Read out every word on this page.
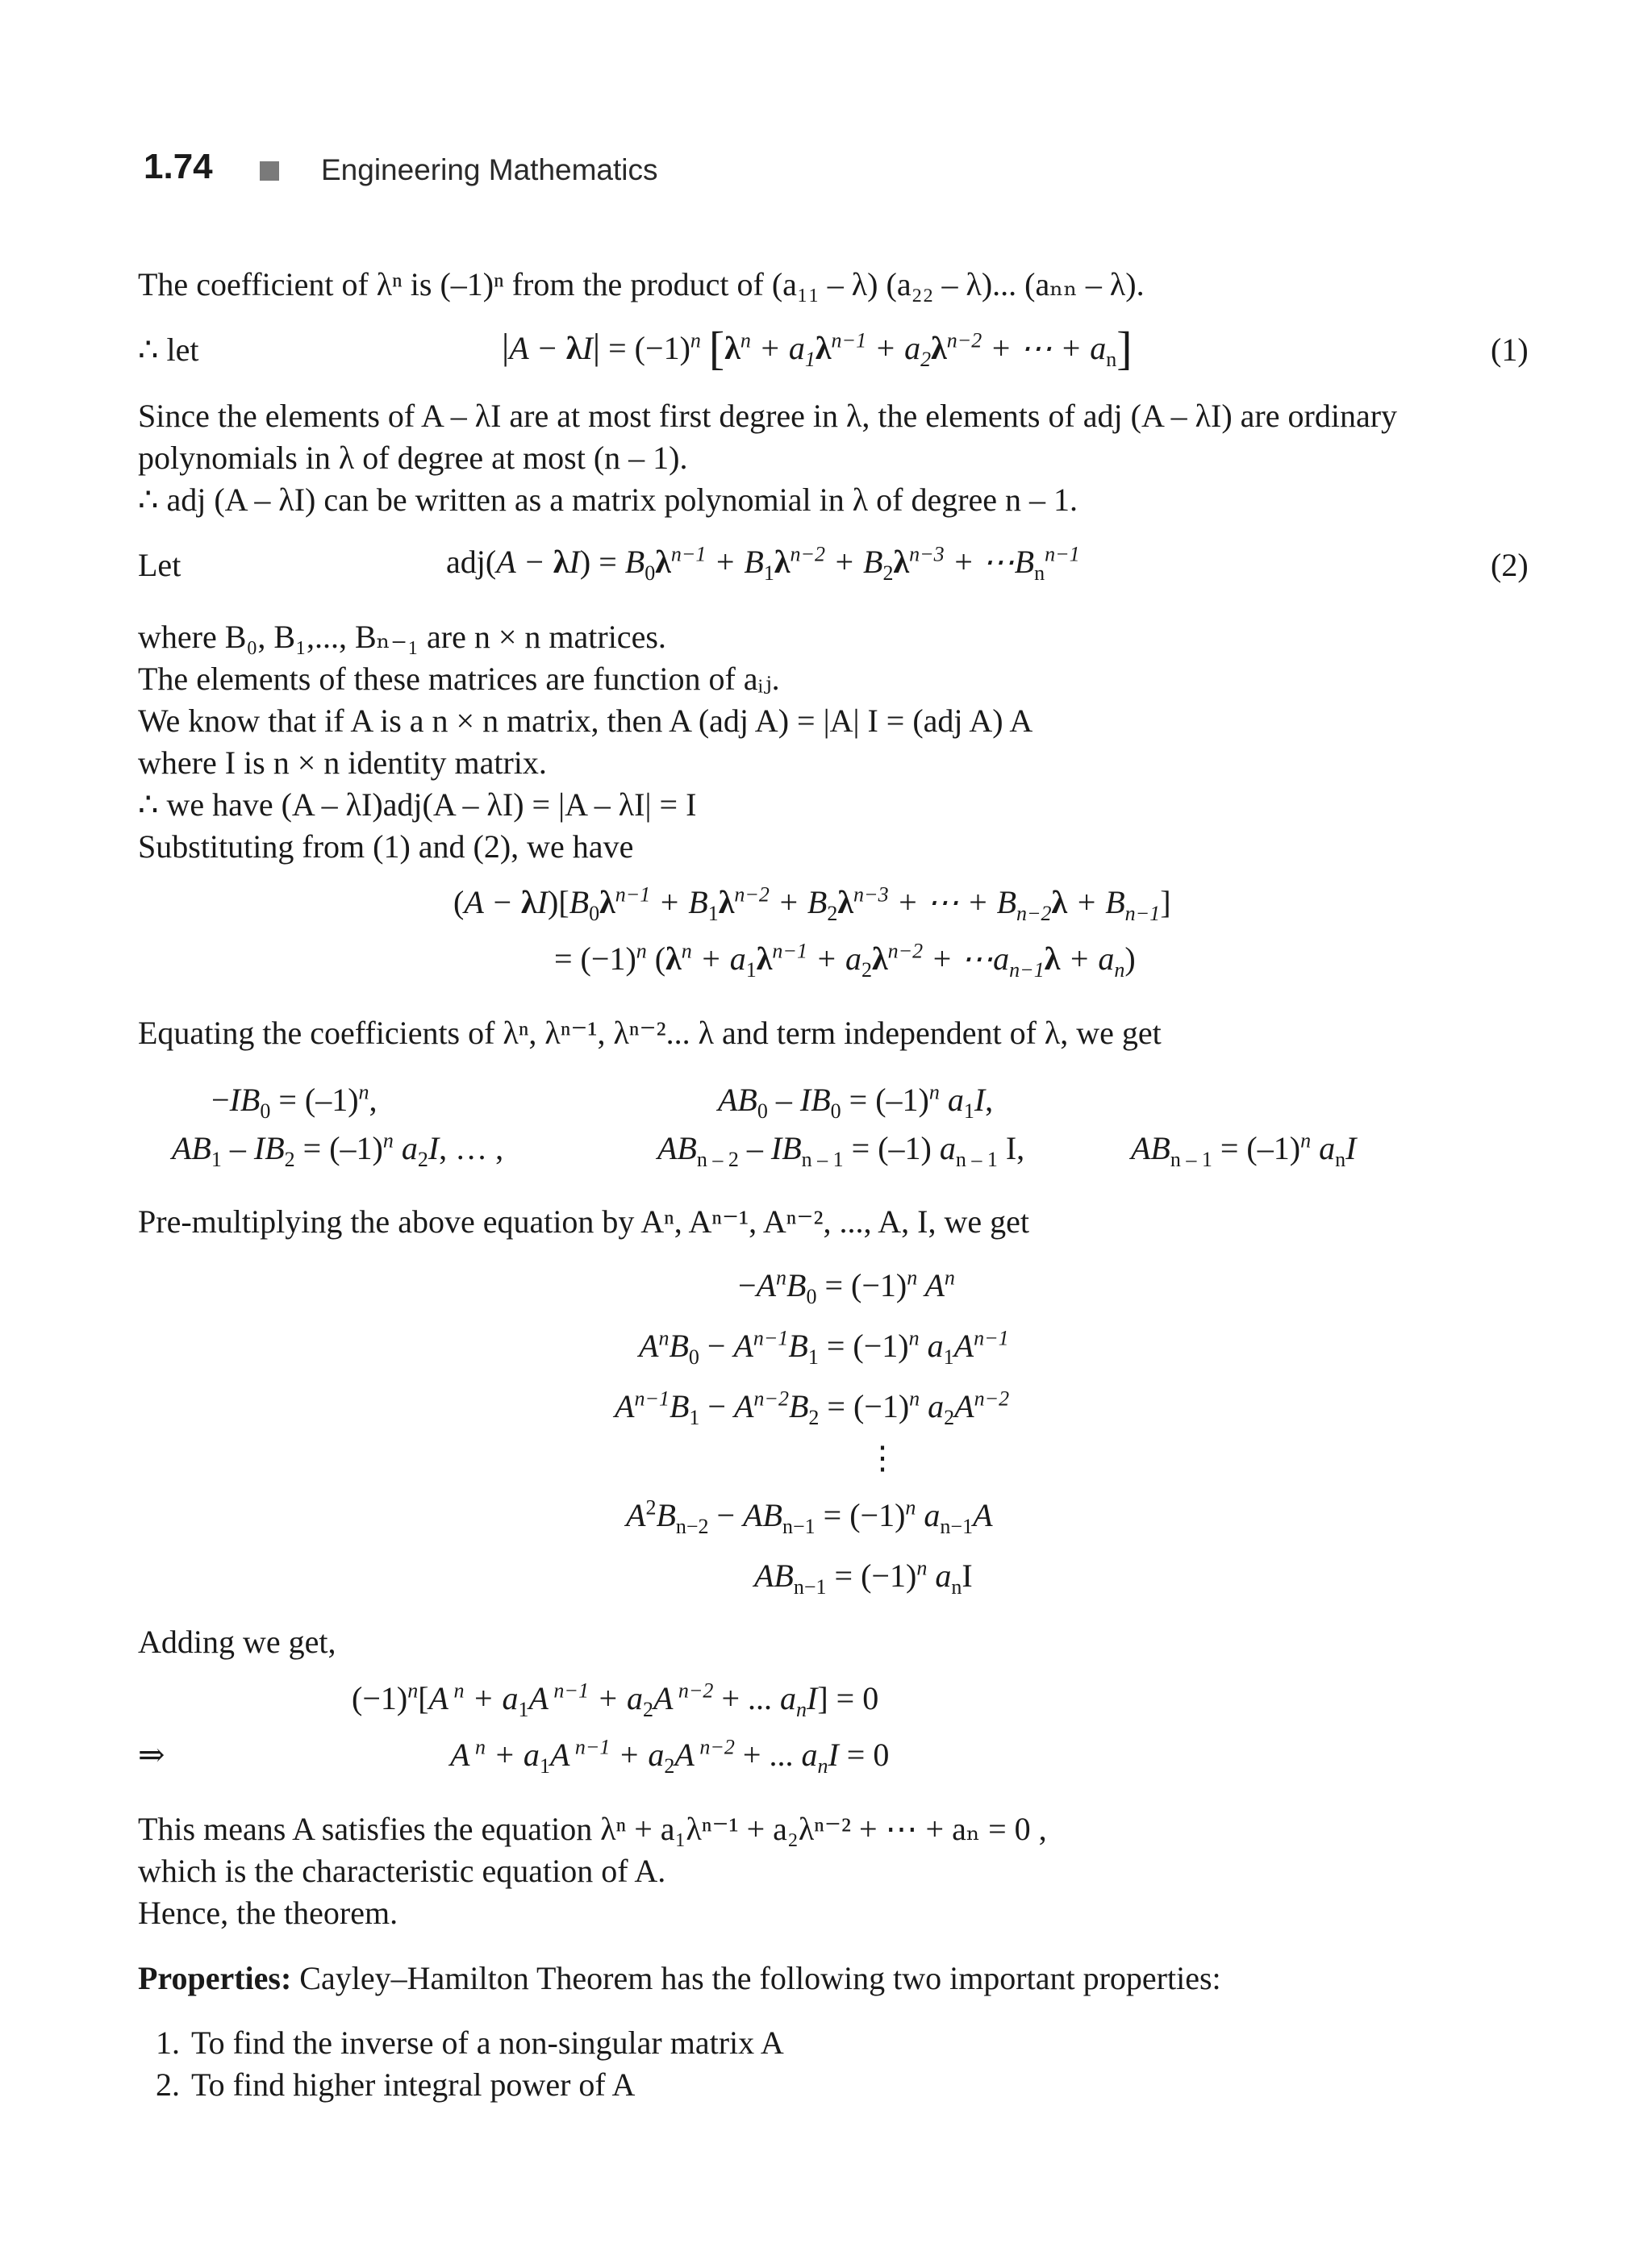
1.74	Engineering Mathematics
The coefficient of λⁿ is (–1)ⁿ from the product of (a₁₁ – λ) (a₂₂ – λ)... (aₙₙ – λ).
∴ let	$|A - \lambda I| = (-1)^n$ [$\lambda^n + a_1\lambda^{n-1} + a_2\lambda^{n-2}$ + ⋯ + $a_n$]	(1)
Since the elements of A – λI are at most first degree in λ, the elements of adj (A – λI) are ordinary
polynomials in λ of degree at most (n – 1).
∴ adj (A – λI) can be written as a matrix polynomial in λ of degree n – 1.
Let	$adj(A - \lambda I) = B_0\lambda^{n-1} + B_1\lambda^{n-2} + B_2\lambda^{n-3}$ + $\cdots B_n^{n-1}$	(2)
where B₀, B₁,..., Bₙ₋₁ are n × n matrices.
The elements of these matrices are function of aᵢⱼ.
We know that if A is a n × n matrix, then A (adj A) = |A| I = (adj A) A
where I is n × n identity matrix.
∴ we have (A – λI)adj(A – λI) = |A – λI| = I
Substituting from (1) and (2), we have
$(A - \lambda I)[B_0\lambda^{n-1} + B_1\lambda^{n-2} + B_2\lambda^{n-3}$ + ⋯ + $B_{n-2}\lambda + B_{n-1}$]
= $(-1)^n$ ($\lambda^n + a_1\lambda^{n-1} + a_2\lambda^{n-2}$ + $\cdots a_{n-1}\lambda + a_n$)
Equating the coefficients of λⁿ, λⁿ⁻¹, λⁿ⁻²... λ and term independent of λ, we get
$-IB_0 = (-1)^n$,	$AB_0 - IB_0 = (-1)^n$ $a_1I$,
$AB_1 - IB_2 = (-1)^n$ $a_2I$, … ,	$AB_{n - 2} - IB_{n - 1} = (-1)$ $a_{n - 1}$ I,	$AB_{n - 1} = (-1)^n$ $a_nI$
Pre-multiplying the above equation by Aⁿ, Aⁿ⁻¹, Aⁿ⁻², ..., A, I, we get
$-A^nB_0 = (-1)^n$ $A^n$
$A^nB_0 - A^{n-1}B_1 = (-1)^n$ $a_1A^{n-1}$
$A^{n-1}B_1 - A^{n-2}B_2 = (-1)^n$ $a_2A^{n-2}$
⋮
$A^2B_{n-2} - AB_{n-1} = (-1)^n$ $a_{n-1}A$
$AB_{n-1} = (-1)^n$ $a_nI$
Adding we get,
$(-1)^n[A$ $^n + a_1A$ $^{n-1} + a_2A$ $^{n-2}$ + ... $a_nI] = 0$
⇒	A $^n + a_1A$ $^{n-1} + a_2A$ $^{n-2}$ + ... $a_nI = 0$
This means A satisfies the equation λⁿ + a₁λⁿ⁻¹ + a₂λⁿ⁻² + ⋯ + aₙ = 0 ,
which is the characteristic equation of A.
Hence, the theorem.
Properties: Cayley–Hamilton Theorem has the following two important properties:
1. To find the inverse of a non-singular matrix A
2. To find higher integral power of A
